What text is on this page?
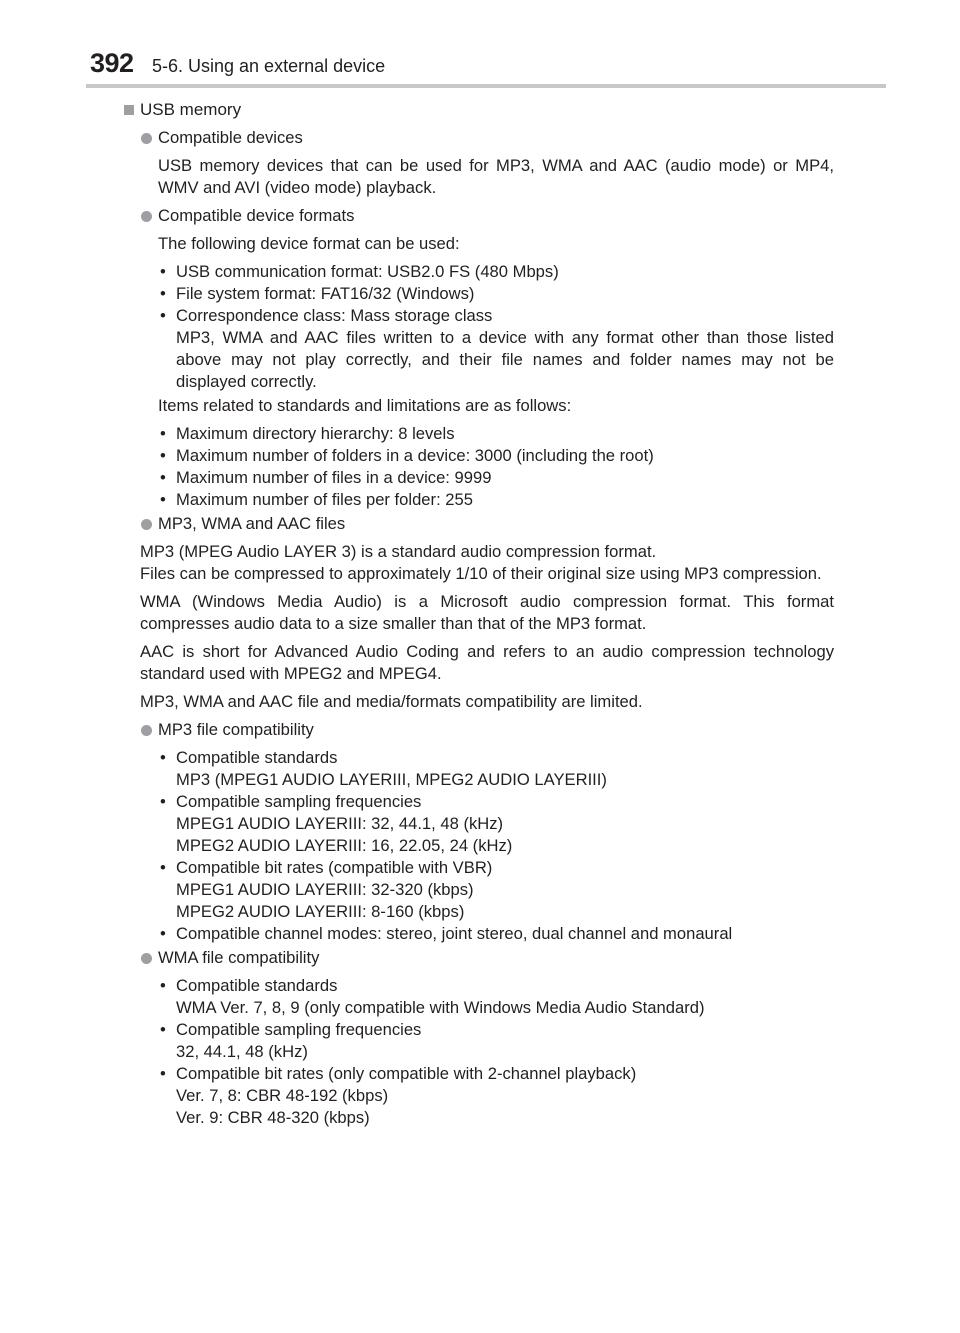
392 5-6. Using an external device
USB memory
Compatible devices
USB memory devices that can be used for MP3, WMA and AAC (audio mode) or MP4, WMV and AVI (video mode) playback.
Compatible device formats
The following device format can be used:
• USB communication format: USB2.0 FS (480 Mbps)
• File system format: FAT16/32 (Windows)
• Correspondence class: Mass storage class
MP3, WMA and AAC files written to a device with any format other than those listed above may not play correctly, and their file names and folder names may not be displayed correctly.
Items related to standards and limitations are as follows:
• Maximum directory hierarchy: 8 levels
• Maximum number of folders in a device: 3000 (including the root)
• Maximum number of files in a device: 9999
• Maximum number of files per folder: 255
MP3, WMA and AAC files
MP3 (MPEG Audio LAYER 3) is a standard audio compression format.
Files can be compressed to approximately 1/10 of their original size using MP3 compression.
WMA (Windows Media Audio) is a Microsoft audio compression format. This format compresses audio data to a size smaller than that of the MP3 format.
AAC is short for Advanced Audio Coding and refers to an audio compression technology standard used with MPEG2 and MPEG4.
MP3, WMA and AAC file and media/formats compatibility are limited.
MP3 file compatibility
• Compatible standards
MP3 (MPEG1 AUDIO LAYERIII, MPEG2 AUDIO LAYERIII)
• Compatible sampling frequencies
MPEG1 AUDIO LAYERIII: 32, 44.1, 48 (kHz)
MPEG2 AUDIO LAYERIII: 16, 22.05, 24 (kHz)
• Compatible bit rates (compatible with VBR)
MPEG1 AUDIO LAYERIII: 32-320 (kbps)
MPEG2 AUDIO LAYERIII: 8-160 (kbps)
• Compatible channel modes: stereo, joint stereo, dual channel and monaural
WMA file compatibility
• Compatible standards
WMA Ver. 7, 8, 9 (only compatible with Windows Media Audio Standard)
• Compatible sampling frequencies
32, 44.1, 48 (kHz)
• Compatible bit rates (only compatible with 2-channel playback)
Ver. 7, 8: CBR 48-192 (kbps)
Ver. 9: CBR 48-320 (kbps)
